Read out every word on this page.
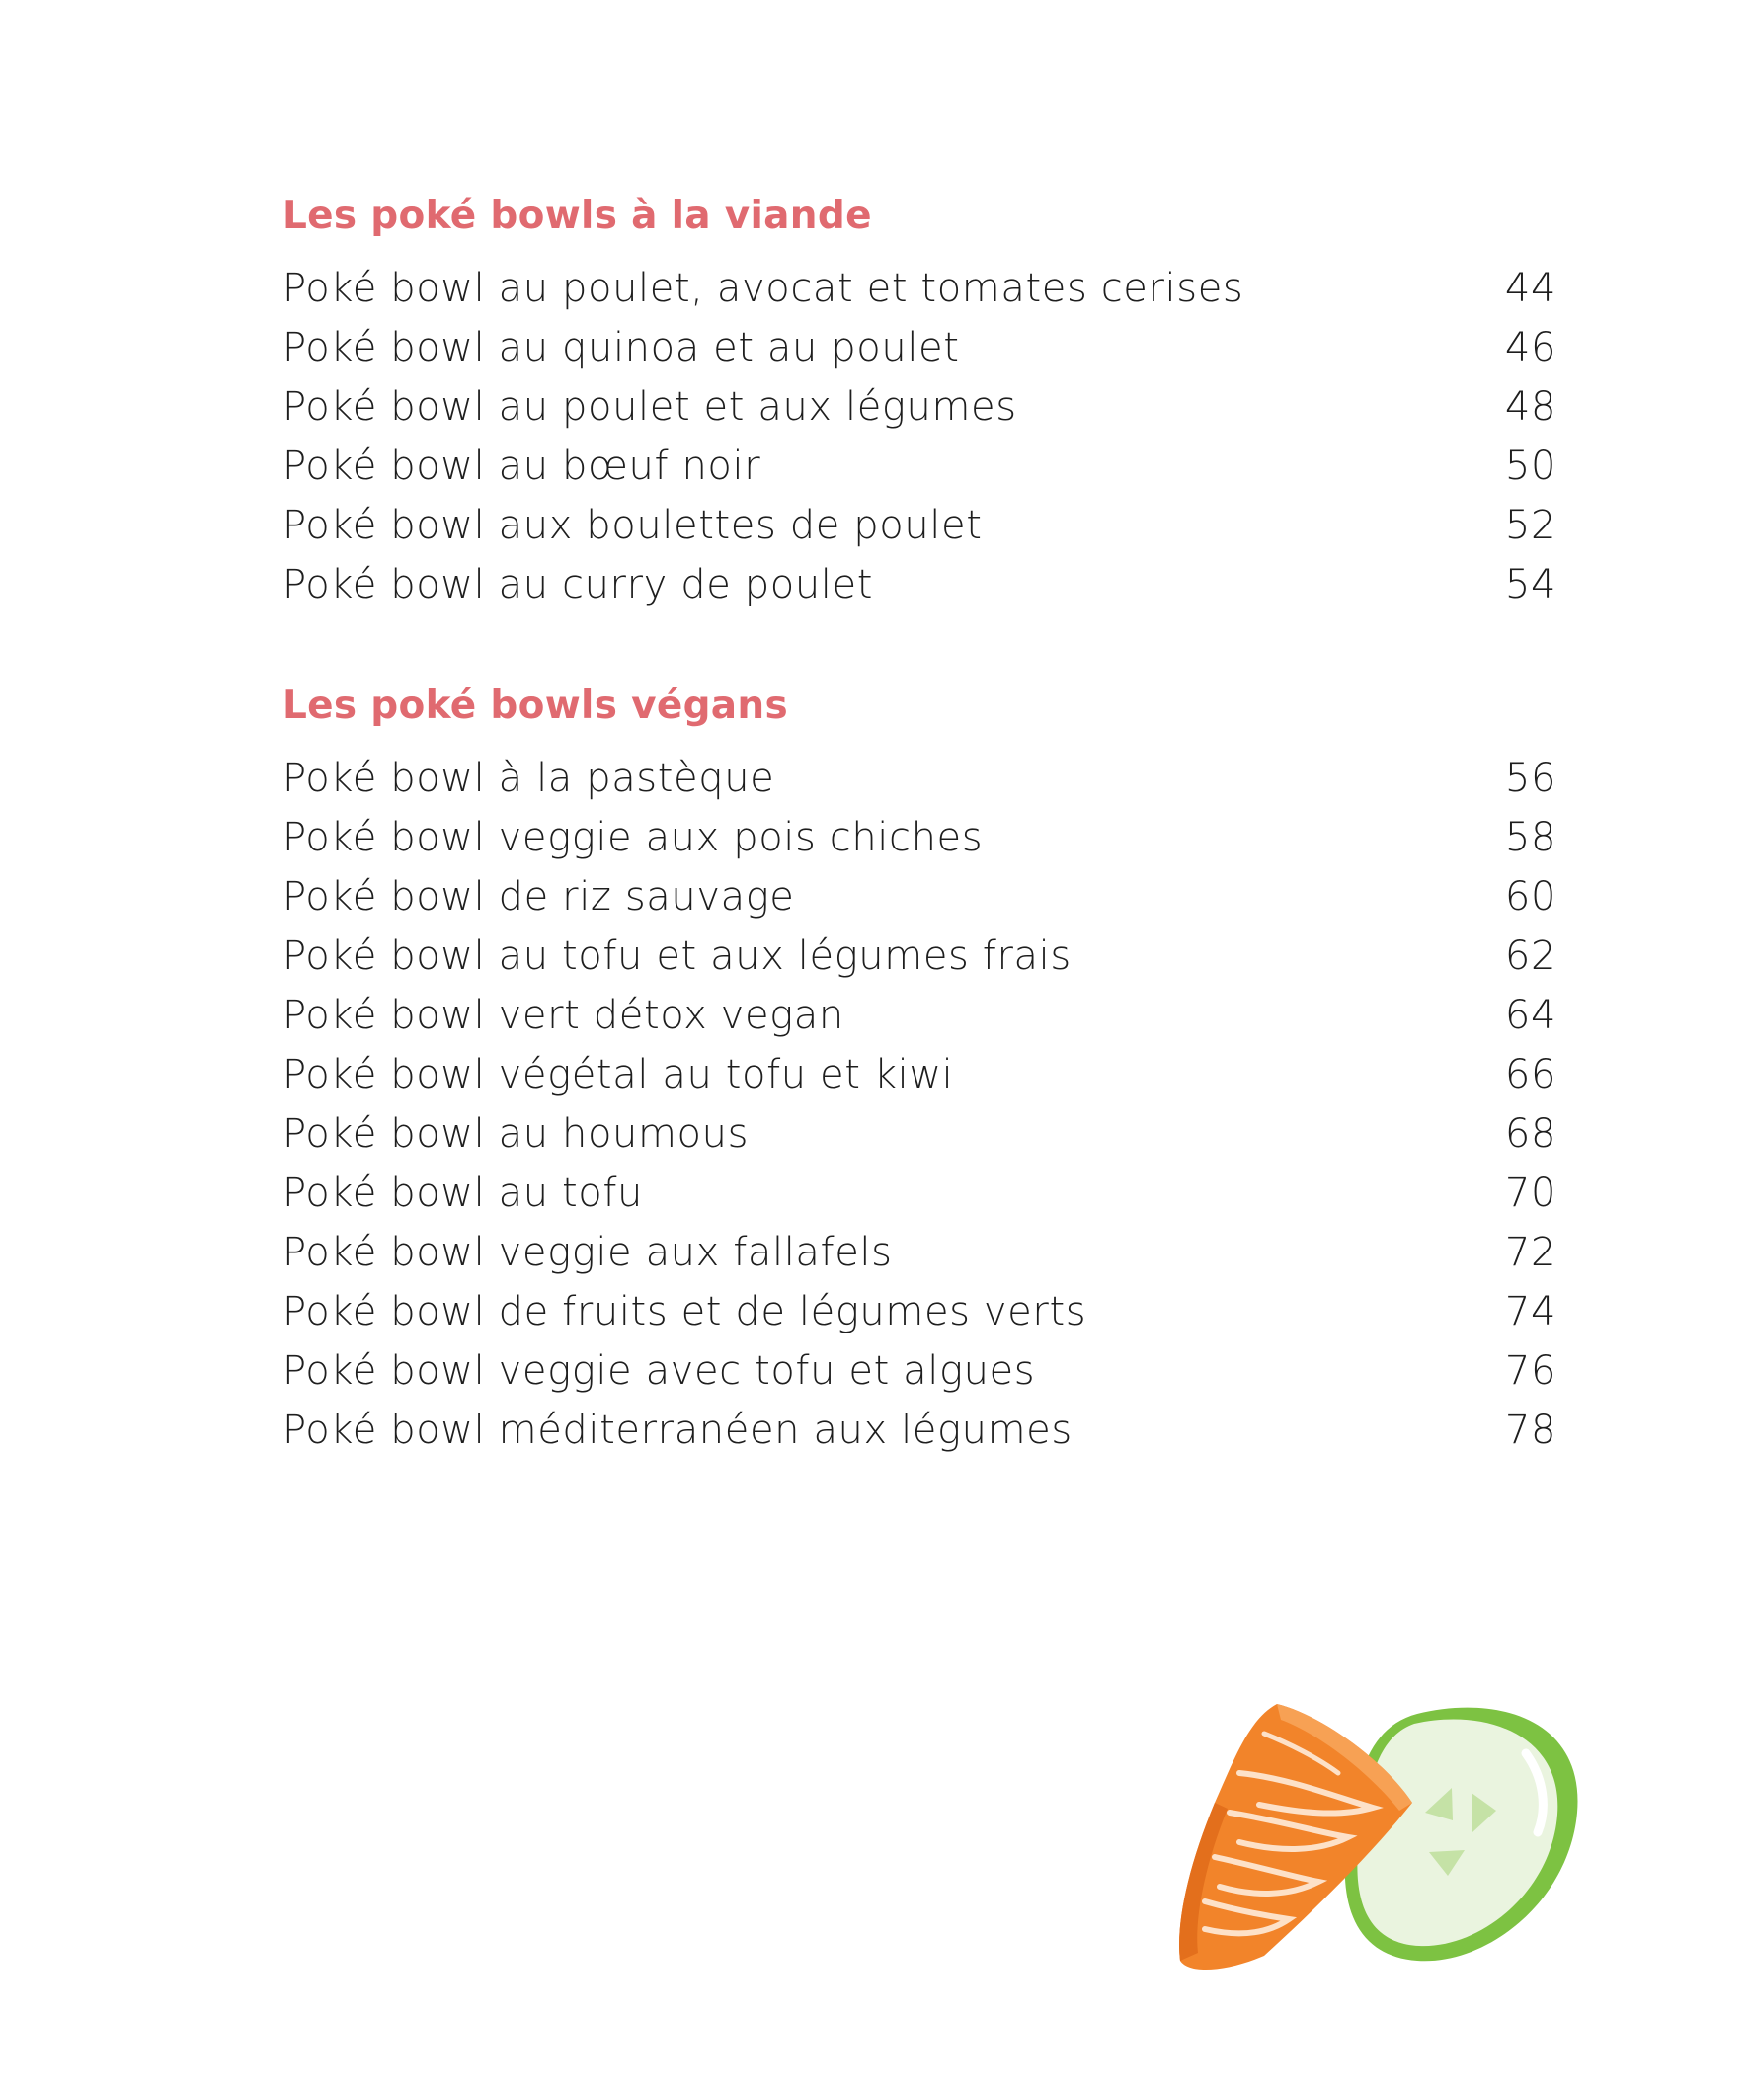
Les poké bowls à la viande
Poké bowl au poulet, avocat et tomates cerises	44
Poké bowl au quinoa et au poulet	46
Poké bowl au poulet et aux légumes	48
Poké bowl au bœuf noir	50
Poké bowl aux boulettes de poulet	52
Poké bowl au curry de poulet	54
Les poké bowls végans
Poké bowl à la pastèque	56
Poké bowl veggie aux pois chiches	58
Poké bowl de riz sauvage	60
Poké bowl au tofu et aux légumes frais	62
Poké bowl vert détox vegan	64
Poké bowl végétal au tofu et kiwi	66
Poké bowl au houmous	68
Poké bowl au tofu	70
Poké bowl veggie aux fallafels	72
Poké bowl de fruits et de légumes verts	74
Poké bowl veggie avec tofu et algues	76
Poké bowl méditerranéen aux légumes	78
